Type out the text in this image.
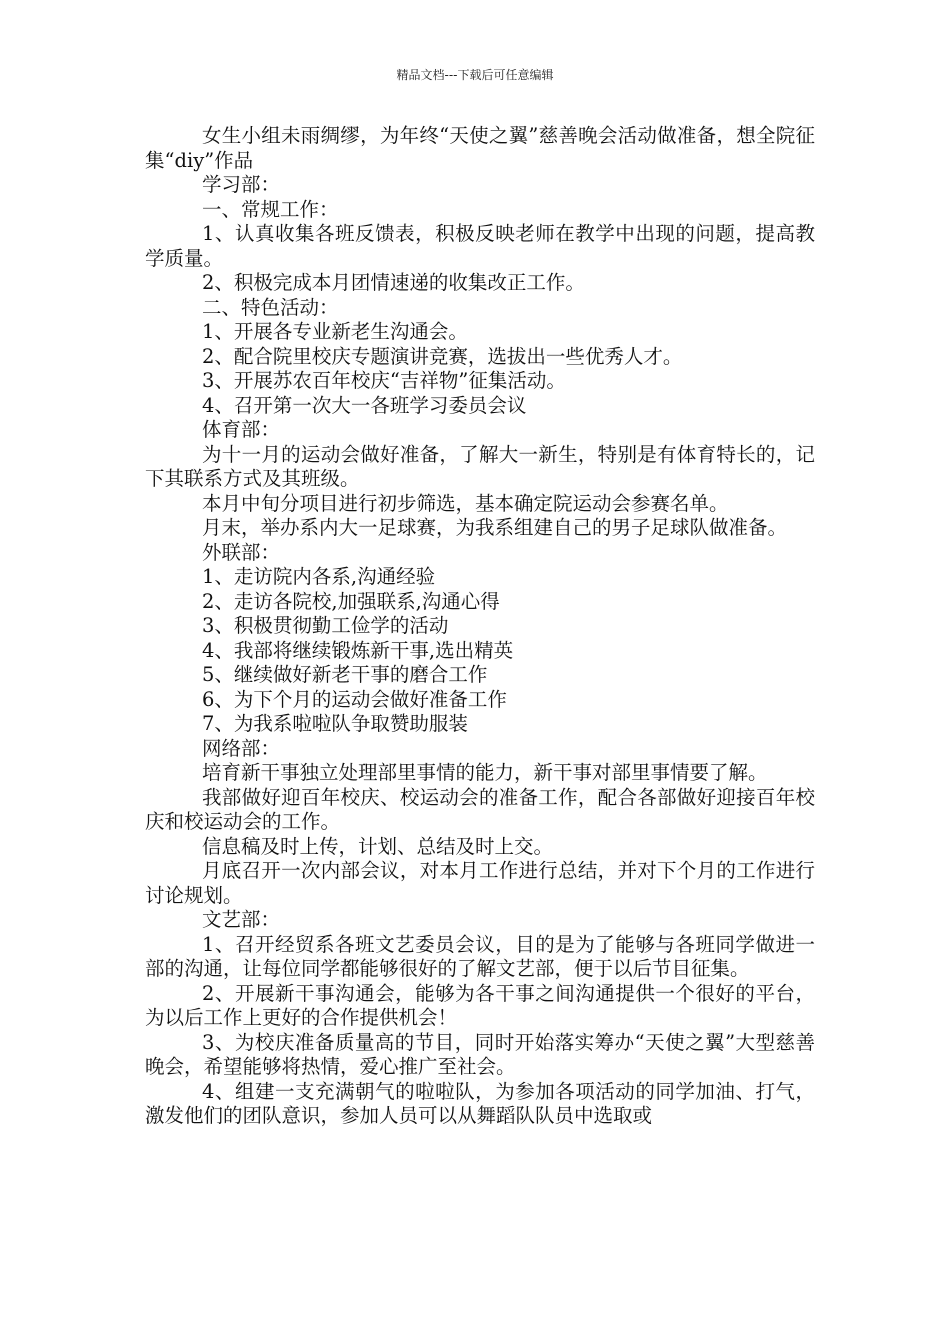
精品文档---下载后可任意编辑

女生小组未雨绸缪，为年终“天使之翼”慈善晚会活动做准备，想全院征集“diy”作品

学习部：

一、常规工作：

1、认真收集各班反馈表，积极反映老师在教学中出现的问题，提高教学质量。

2、积极完成本月团情速递的收集改正工作。

二、特色活动：

1、开展各专业新老生沟通会。

2、配合院里校庆专题演讲竞赛，选拔出一些优秀人才。

3、开展苏农百年校庆“吉祥物”征集活动。

4、召开第一次大一各班学习委员会议

体育部：

为十一月的运动会做好准备，了解大一新生，特别是有体育特长的，记下其联系方式及其班级。

本月中旬分项目进行初步筛选，基本确定院运动会参赛名单。

月末，举办系内大一足球赛，为我系组建自己的男子足球队做准备。

外联部：

1、走访院内各系,沟通经验

2、走访各院校,加强联系,沟通心得

3、积极贯彻勤工俭学的活动

4、我部将继续锻炼新干事,选出精英

5、继续做好新老干事的磨合工作

6、为下个月的运动会做好准备工作

7、为我系啦啦队争取赞助服装

网络部：

培育新干事独立处理部里事情的能力，新干事对部里事情要了解。

我部做好迎百年校庆、校运动会的准备工作，配合各部做好迎接百年校庆和校运动会的工作。

信息稿及时上传，计划、总结及时上交。

月底召开一次内部会议，对本月工作进行总结，并对下个月的工作进行讨论规划。

文艺部：

1、召开经贸系各班文艺委员会议，目的是为了能够与各班同学做进一部的沟通，让每位同学都能够很好的了解文艺部，便于以后节目征集。

2、开展新干事沟通会，能够为各干事之间沟通提供一个很好的平台，为以后工作上更好的合作提供机会！

3、为校庆准备质量高的节目，同时开始落实筹办“天使之翼”大型慈善晚会，希望能够将热情，爱心推广至社会。

4、组建一支充满朝气的啦啦队，为参加各项活动的同学加油、打气，激发他们的团队意识，参加人员可以从舞蹈队队员中选取或
